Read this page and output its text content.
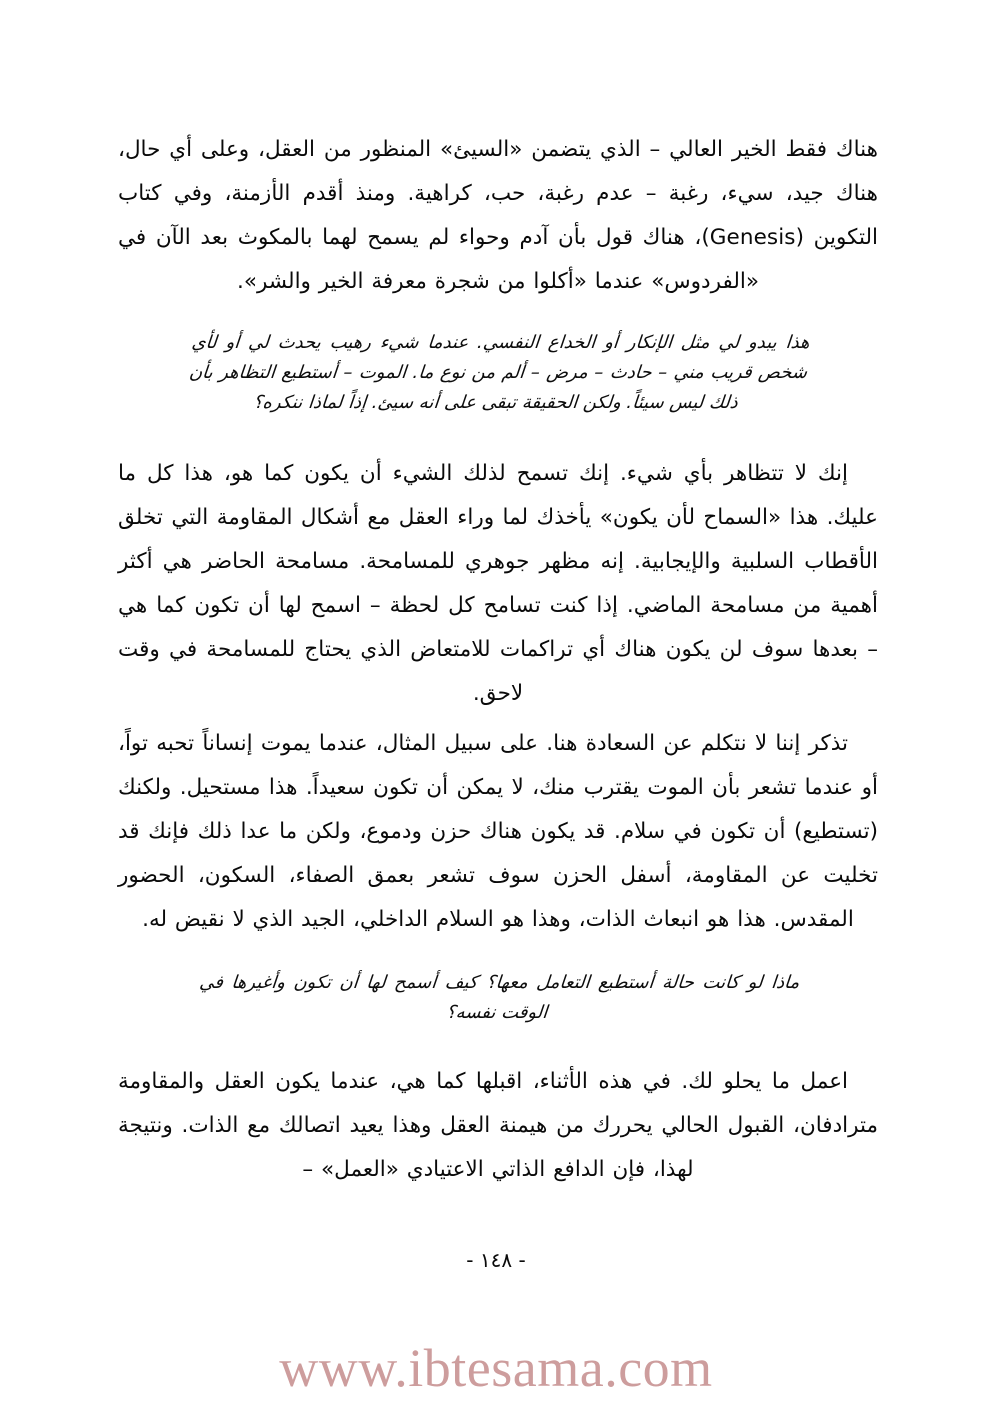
هناك فقط الخير العالي – الذي يتضمن «السيئ» المنظور من العقل، وعلى أي حال، هناك جيد، سيء، رغبة – عدم رغبة، حب، كراهية. ومنذ أقدم الأزمنة، وفي كتاب التكوين (Genesis)، هناك قول بأن آدم وحواء لم يسمح لهما بالمكوث بعد الآن في «الفردوس» عندما «أكلوا من شجرة معرفة الخير والشر».

هذا يبدو لي مثل الإنكار أو الخداع النفسي. عندما شيء رهيب يحدث لي أو لأي شخص قريب مني – حادث – مرض – ألم من نوع ما. الموت – أستطيع التظاهر بأن ذلك ليس سيئاً. ولكن الحقيقة تبقى على أنه سيئ. إذاً لماذا ننكره؟

إنك لا تتظاهر بأي شيء. إنك تسمح لذلك الشيء أن يكون كما هو، هذا كل ما عليك. هذا «السماح لأن يكون» يأخذك لما وراء العقل مع أشكال المقاومة التي تخلق الأقطاب السلبية والإيجابية. إنه مظهر جوهري للمسامحة. مسامحة الحاضر هي أكثر أهمية من مسامحة الماضي. إذا كنت تسامح كل لحظة – اسمح لها أن تكون كما هي – بعدها سوف لن يكون هناك أي تراكمات للامتعاض الذي يحتاج للمسامحة في وقت لاحق.

تذكر إننا لا نتكلم عن السعادة هنا. على سبيل المثال، عندما يموت إنساناً تحبه تواً، أو عندما تشعر بأن الموت يقترب منك، لا يمكن أن تكون سعيداً. هذا مستحيل. ولكنك (تستطيع) أن تكون في سلام. قد يكون هناك حزن ودموع، ولكن ما عدا ذلك فإنك قد تخليت عن المقاومة، أسفل الحزن سوف تشعر بعمق الصفاء، السكون، الحضور المقدس. هذا هو انبعاث الذات، وهذا هو السلام الداخلي، الجيد الذي لا نقيض له.

ماذا لو كانت حالة أستطيع التعامل معها؟ كيف أسمح لها أن تكون وأغيرها في الوقت نفسه؟

اعمل ما يحلو لك. في هذه الأثناء، اقبلها كما هي، عندما يكون العقل والمقاومة مترادفان، القبول الحالي يحررك من هيمنة العقل وهذا يعيد اتصالك مع الذات. ونتيجة لهذا، فإن الدافع الذاتي الاعتيادي «العمل» –

- ١٤٨ -
www.ibtesama.com
